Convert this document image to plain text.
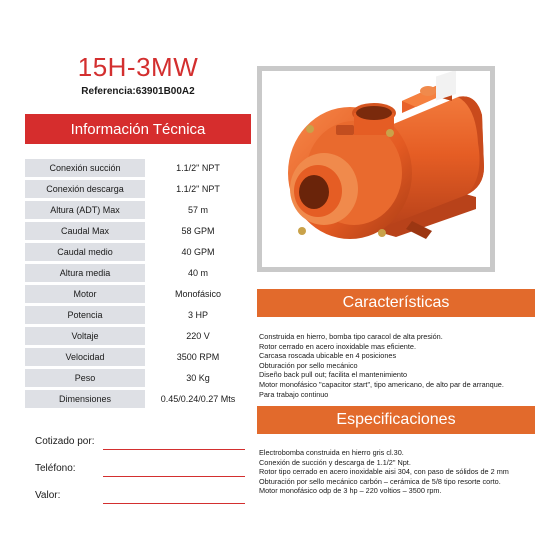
15H-3MW
Referencia:63901B00A2
Información Técnica
Conexión succión	1.1/2" NPT
Conexión descarga	1.1/2" NPT
Altura (ADT) Max	57 m
Caudal Max	58 GPM
Caudal medio	40 GPM
Altura media	40 m
Motor	Monofásico
Potencia	3 HP
Voltaje	220 V
Velocidad	3500 RPM
Peso	30 Kg
Dimensiones	0.45/0.24/0.27 Mts
Cotizado por:
Teléfono:
Valor:
Características
Construida en hierro, bomba tipo caracol de alta presión.
Rotor cerrado en acero inoxidable mas eficiente.
Carcasa roscada ubicable en 4 posiciones
Obturación por sello mecánico
Diseño back pull out; facilita el mantenimiento
Motor monofásico "capacitor start", tipo americano, de alto par de arranque.
Para trabajo continuo
Especificaciones
Electrobomba construida en hierro gris cl.30.
Conexión de succión y descarga de 1.1/2" Npt.
Rotor tipo cerrado en acero inoxidable aisi 304, con paso de sólidos de 2 mm
Obturación por sello mecánico carbón – cerámica de 5/8 tipo resorte corto.
Motor monofásico odp de 3 hp – 220 voltios – 3500 rpm.
